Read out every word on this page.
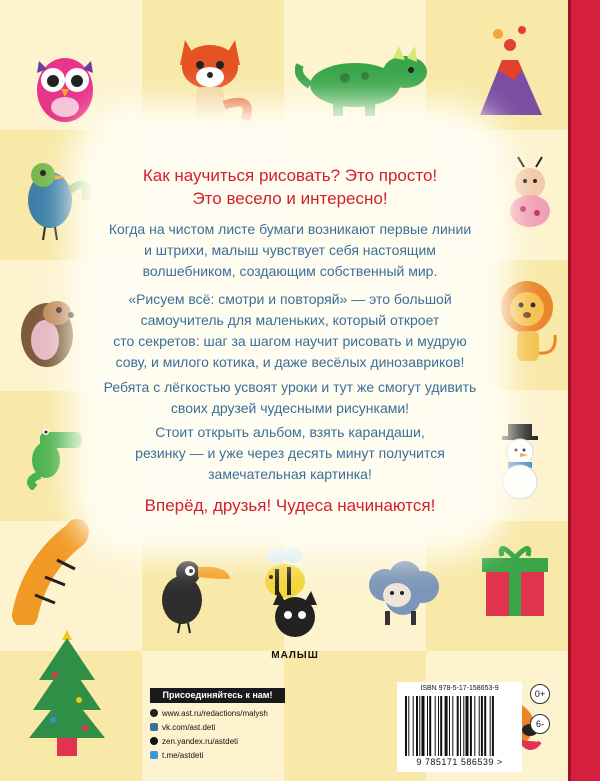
Как научиться рисовать? Это просто!
Это весело и интересно!
Когда на чистом листе бумаги возникают первые линии
и штрихи, малыш чувствует себя настоящим
волшебником, создающим собственный мир.
«Рисуем всё: смотри и повторяй» — это большой
самоучитель для маленьких, который откроет
сто секретов: шаг за шагом научит рисовать и мудрую
сову, и милого котика, и даже весёлых динозавриков!
Ребята с лёгкостью усвоят уроки и тут же смогут удивить
своих друзей чудесными рисунками!
Стоит открыть альбом, взять карандаши,
резинку — и уже через десять минут получится
замечательная картинка!
Вперёд, друзья! Чудеса начинаются!
МАЛЫШ
Присоединяйтесь к нам!
www.ast.ru/redactions/malysh
vk.com/ast.deti
zen.yandex.ru/astdeti
t.me/astdeti
ISBN 978-5-17-158653-9
9 785171 586539 >
0+
6-
